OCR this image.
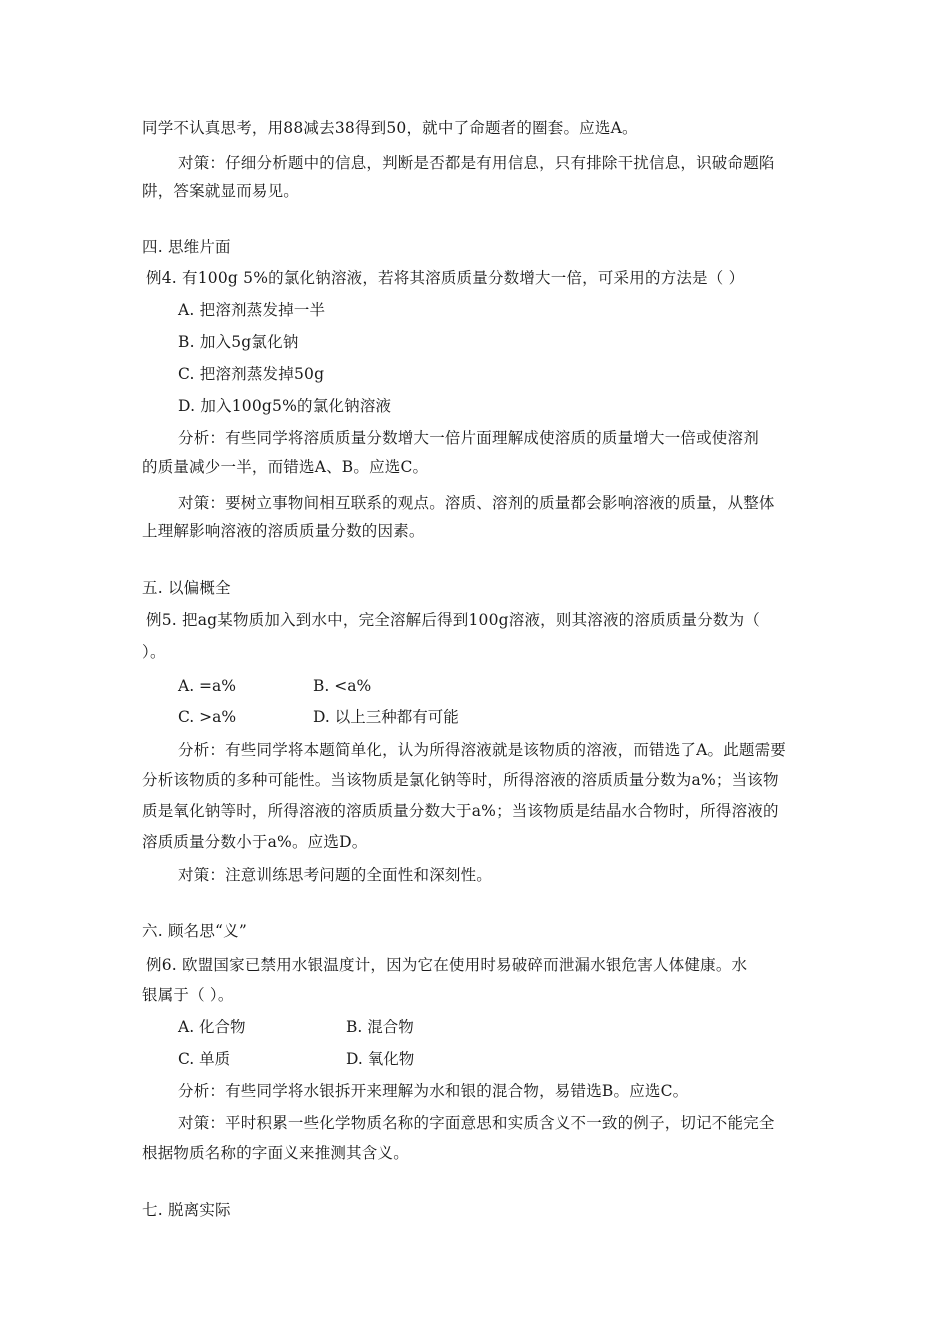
同学不认真思考，用88减去38得到50，就中了命题者的圈套。应选A。
对策：仔细分析题中的信息，判断是否都是有用信息，只有排除干扰信息，识破命题陷
阱，答案就显而易见。
四. 思维片面
例4. 有100g 5%的氯化钠溶液，若将其溶质质量分数增大一倍，可采用的方法是（ ）
A. 把溶剂蒸发掉一半
B. 加入5g氯化钠
C. 把溶剂蒸发掉50g
D. 加入100g5%的氯化钠溶液
分析：有些同学将溶质质量分数增大一倍片面理解成使溶质的质量增大一倍或使溶剂
的质量减少一半，而错选A、B。应选C。
对策：要树立事物间相互联系的观点。溶质、溶剂的质量都会影响溶液的质量，从整体
上理解影响溶液的溶质质量分数的因素。
五. 以偏概全
例5. 把ag某物质加入到水中，完全溶解后得到100g溶液，则其溶液的溶质质量分数为（
）。
A. =a%	B. <a%
C. >a%	D. 以上三种都有可能
分析：有些同学将本题简单化，认为所得溶液就是该物质的溶液，而错选了A。此题需要
分析该物质的多种可能性。当该物质是氯化钠等时，所得溶液的溶质质量分数为a%；当该物
质是氧化钠等时，所得溶液的溶质质量分数大于a%；当该物质是结晶水合物时，所得溶液的
溶质质量分数小于a%。应选D。
对策：注意训练思考问题的全面性和深刻性。
六. 顾名思“义”
例6. 欧盟国家已禁用水银温度计，因为它在使用时易破碎而泄漏水银危害人体健康。水
银属于（ ）。
A. 化合物	B. 混合物
C. 单质	D. 氧化物
分析：有些同学将水银拆开来理解为水和银的混合物，易错选B。应选C。
对策：平时积累一些化学物质名称的字面意思和实质含义不一致的例子，切记不能完全
根据物质名称的字面义来推测其含义。
七. 脱离实际
